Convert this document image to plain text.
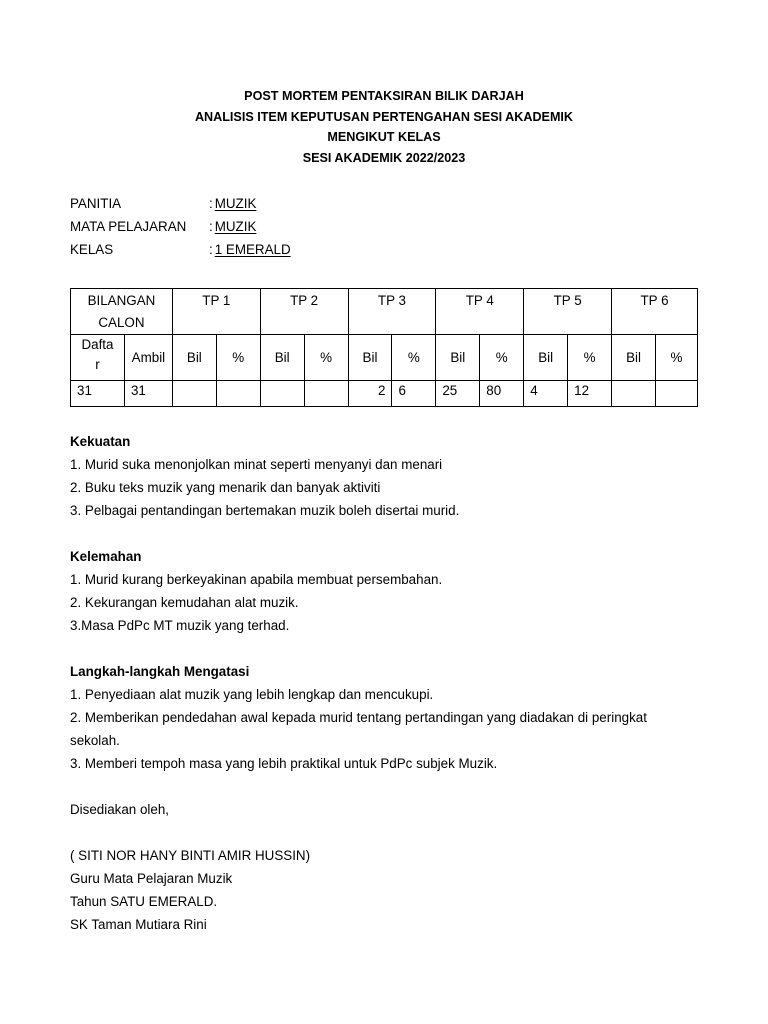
POST MORTEM PENTAKSIRAN BILIK DARJAH
ANALISIS ITEM KEPUTUSAN PERTENGAHAN SESI AKADEMIK
MENGIKUT KELAS
SESI AKADEMIK 2022/2023
PANITIA	: MUZIK
MATA PELAJARAN	: MUZIK
KELAS	: 1 EMERALD
BILANGAN
CALON		TP 1		TP 2		TP 3		TP 4		TP 5		TP 6	

Dafta
r	Ambil	Bil	%	Bil	%	Bil	%	Bil	%	Bil	%	Bil	%
31	31					2	6	25	80	4	12		
Kekuatan
1. Murid suka menonjolkan minat seperti menyanyi dan menari
2. Buku teks muzik yang menarik dan banyak aktiviti
3. Pelbagai pentandingan bertemakan muzik boleh disertai murid.
Kelemahan
1. Murid kurang berkeyakinan apabila membuat persembahan.
2. Kekurangan kemudahan alat muzik.
3.Masa PdPc MT muzik yang terhad.
Langkah-langkah Mengatasi
1. Penyediaan alat muzik yang lebih lengkap dan mencukupi.
2. Memberikan pendedahan awal kepada murid tentang pertandingan yang diadakan di peringkat
sekolah.
3. Memberi tempoh masa yang lebih praktikal untuk PdPc subjek Muzik.
Disediakan oleh,
( SITI NOR HANY BINTI AMIR HUSSIN)
Guru Mata Pelajaran Muzik
Tahun SATU EMERALD.
SK Taman Mutiara Rini
